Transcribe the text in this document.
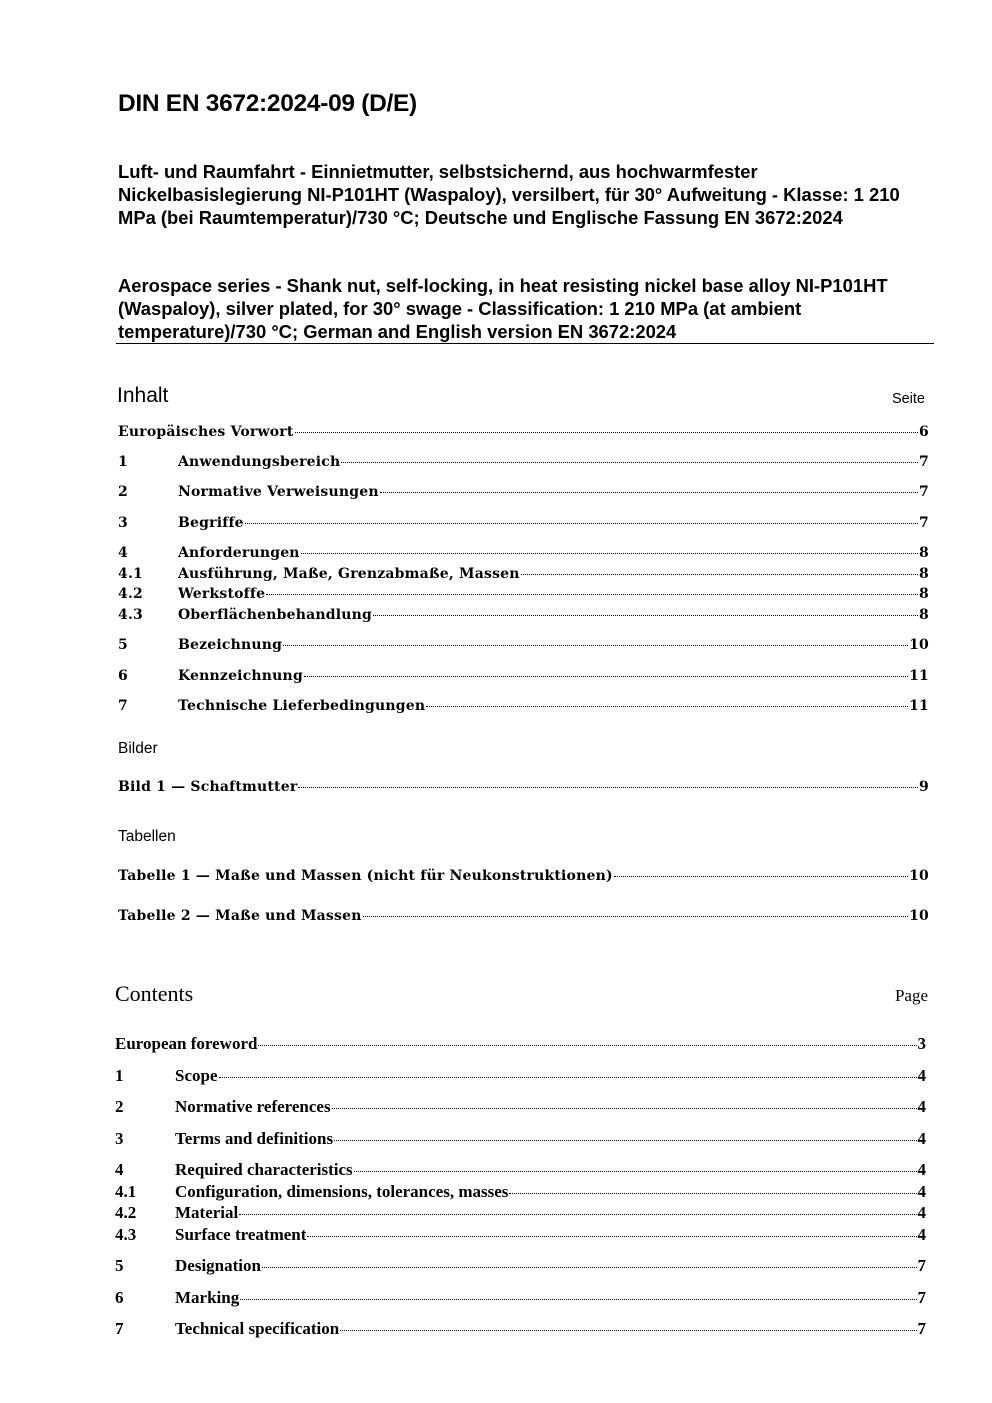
DIN EN 3672:2024-09 (D/E)
Luft- und Raumfahrt - Einnietmutter, selbstsichernd, aus hochwarmfester Nickelbasislegierung NI-P101HT (Waspaloy), versilbert, für 30° Aufweitung - Klasse: 1 210 MPa (bei Raumtemperatur)/730 °C; Deutsche und Englische Fassung EN 3672:2024
Aerospace series - Shank nut, self-locking, in heat resisting nickel base alloy NI-P101HT (Waspaloy), silver plated, for 30° swage - Classification: 1 210 MPa (at ambient temperature)/730 °C; German and English version EN 3672:2024
Inhalt	Seite
Europäisches Vorwort	6
1	Anwendungsbereich	7
2	Normative Verweisungen	7
3	Begriffe	7
4	Anforderungen	8
4.1	Ausführung, Maße, Grenzabmaße, Massen	8
4.2	Werkstoffe	8
4.3	Oberflächenbehandlung	8
5	Bezeichnung	10
6	Kennzeichnung	11
7	Technische Lieferbedingungen	11
Bilder
Bild 1 — Schaftmutter	9
Tabellen
Tabelle 1 — Maße und Massen (nicht für Neukonstruktionen)	10
Tabelle 2 — Maße und Massen	10
Contents	Page
European foreword	3
1	Scope	4
2	Normative references	4
3	Terms and definitions	4
4	Required characteristics	4
4.1	Configuration, dimensions, tolerances, masses	4
4.2	Material	4
4.3	Surface treatment	4
5	Designation	7
6	Marking	7
7	Technical specification	7
